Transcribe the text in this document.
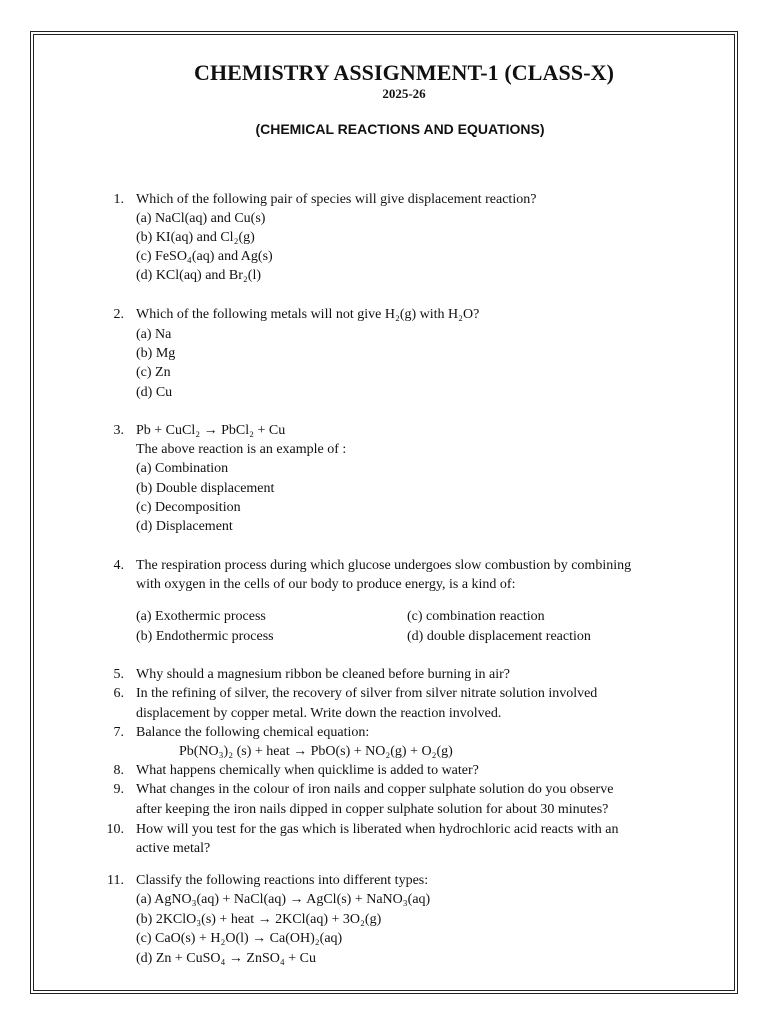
CHEMISTRY ASSIGNMENT-1 (CLASS-X)
2025-26
(CHEMICAL REACTIONS AND EQUATIONS)
1. Which of the following pair of species will give displacement reaction?
(a) NaCl(aq) and Cu(s)
(b) KI(aq) and Cl₂(g)
(c) FeSO₄(aq) and Ag(s)
(d) KCl(aq) and Br₂(l)
2. Which of the following metals will not give H₂(g) with H₂O?
(a) Na
(b) Mg
(c) Zn
(d) Cu
3. Pb + CuCl₂ → PbCl₂ + Cu
The above reaction is an example of :
(a) Combination
(b) Double displacement
(c) Decomposition
(d) Displacement
4. The respiration process during which glucose undergoes slow combustion by combining
with oxygen in the cells of our body to produce energy, is a kind of:
(a) Exothermic process
(b) Endothermic process
(c) combination reaction
(d) double displacement reaction
5. Why should a magnesium ribbon be cleaned before burning in air?
6. In the refining of silver, the recovery of silver from silver nitrate solution involved
displacement by copper metal. Write down the reaction involved.
7. Balance the following chemical equation:
Pb(NO₃)₂ (s) + heat → PbO(s) + NO₂(g) + O₂(g)
8. What happens chemically when quicklime is added to water?
9. What changes in the colour of iron nails and copper sulphate solution do you observe
after keeping the iron nails dipped in copper sulphate solution for about 30 minutes?
10. How will you test for the gas which is liberated when hydrochloric acid reacts with an
active metal?
11. Classify the following reactions into different types:
(a) AgNO₃(aq) + NaCl(aq) → AgCl(s) + NaNO₃(aq)
(b) 2KClO₃(s) + heat → 2KCl(aq) + 3O₂(g)
(c) CaO(s) + H₂O(l) → Ca(OH)₂(aq)
(d) Zn + CuSO₄ → ZnSO₄ + Cu
